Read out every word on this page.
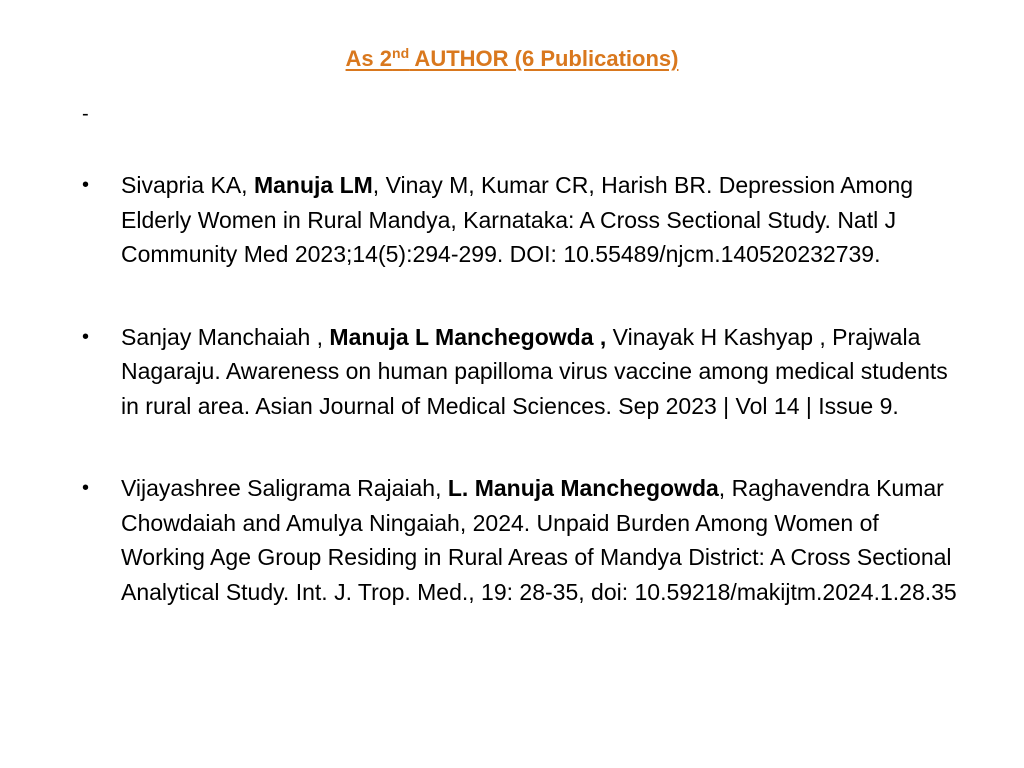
As 2nd AUTHOR (6 Publications)
-
• Sivapria KA, Manuja LM, Vinay M, Kumar CR, Harish BR. Depression Among Elderly Women in Rural Mandya, Karnataka: A Cross Sectional Study. Natl J Community Med 2023;14(5):294-299. DOI: 10.55489/njcm.140520232739.
• Sanjay Manchaiah , Manuja L Manchegowda , Vinayak H Kashyap , Prajwala Nagaraju. Awareness on human papilloma virus vaccine among medical students in rural area. Asian Journal of Medical Sciences. Sep 2023 | Vol 14 | Issue 9.
• Vijayashree Saligrama Rajaiah, L. Manuja Manchegowda, Raghavendra Kumar Chowdaiah and Amulya Ningaiah, 2024. Unpaid Burden Among Women of Working Age Group Residing in Rural Areas of Mandya District: A Cross Sectional Analytical Study. Int. J. Trop. Med., 19: 28-35, doi: 10.59218/makijtm.2024.1.28.35
